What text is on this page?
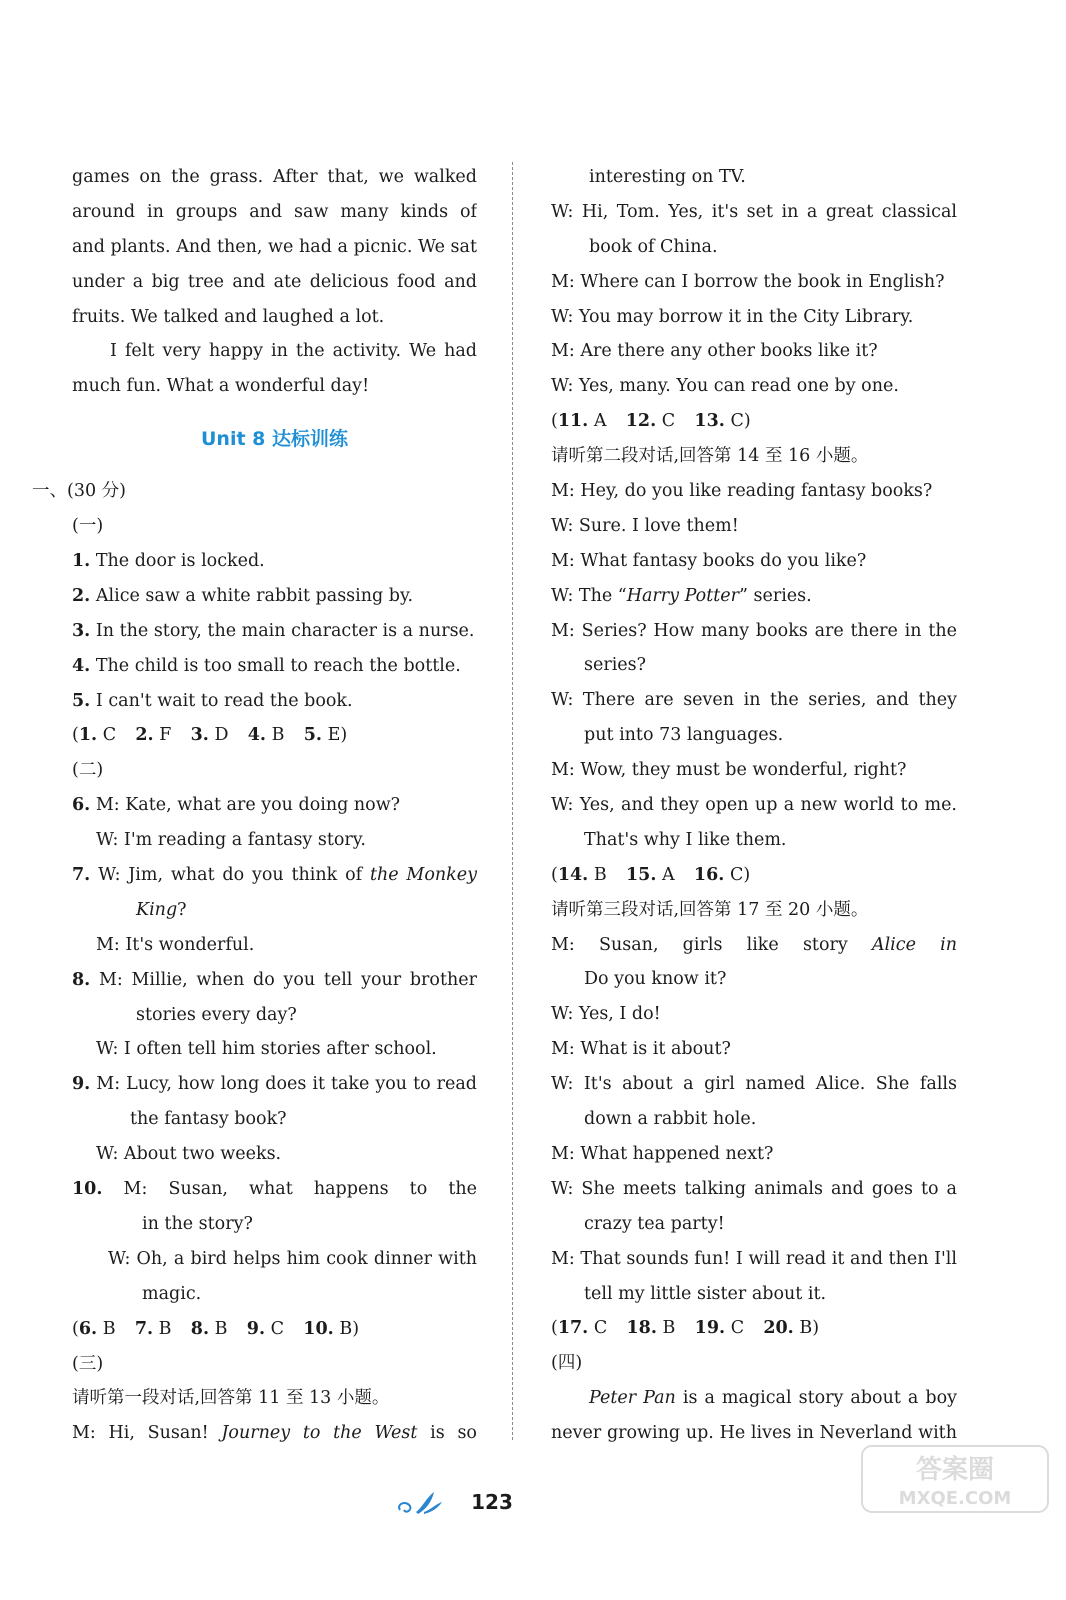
games on the grass. After that, we walked
around in groups and saw many kinds of
and plants. And then, we had a picnic. We sat
under a big tree and ate delicious food and
fruits. We talked and laughed a lot.
I felt very happy in the activity. We had
much fun. What a wonderful day!
Unit 8 达标训练
一、(30 分)
(一)
1. The door is locked.
2. Alice saw a white rabbit passing by.
3. In the story, the main character is a nurse.
4. The child is too small to reach the bottle.
5. I can't wait to read the book.
(1. C 2. F 3. D 4. B 5. E)
(二)
6. M: Kate, what are you doing now?
W: I'm reading a fantasy story.
7. W: Jim, what do you think of the Monkey
King?
M: It's wonderful.
8. M: Millie, when do you tell your brother
stories every day?
W: I often tell him stories after school.
9. M: Lucy, how long does it take you to read
the fantasy book?
W: About two weeks.
10. M: Susan, what happens to the
in the story?
W: Oh, a bird helps him cook dinner with
magic.
(6. B 7. B 8. B 9. C 10. B)
(三)
请听第一段对话,回答第 11 至 13 小题。
M: Hi, Susan! Journey to the West is so
interesting on TV.
W: Hi, Tom. Yes, it's set in a great classical
book of China.
M: Where can I borrow the book in English?
W: You may borrow it in the City Library.
M: Are there any other books like it?
W: Yes, many. You can read one by one.
(11. A 12. C 13. C)
请听第二段对话,回答第 14 至 16 小题。
M: Hey, do you like reading fantasy books?
W: Sure. I love them!
M: What fantasy books do you like?
W: The “Harry Potter” series.
M: Series? How many books are there in the
series?
W: There are seven in the series, and they
put into 73 languages.
M: Wow, they must be wonderful, right?
W: Yes, and they open up a new world to me.
That's why I like them.
(14. B 15. A 16. C)
请听第三段对话,回答第 17 至 20 小题。
M: Susan, girls like story Alice in
Do you know it?
W: Yes, I do!
M: What is it about?
W: It's about a girl named Alice. She falls
down a rabbit hole.
M: What happened next?
W: She meets talking animals and goes to a
crazy tea party!
M: That sounds fun! I will read it and then I'll
tell my little sister about it.
(17. C 18. B 19. C 20. B)
(四)
Peter Pan is a magical story about a boy
never growing up. He lives in Neverland with
123
答案圈
MXQE.COM
